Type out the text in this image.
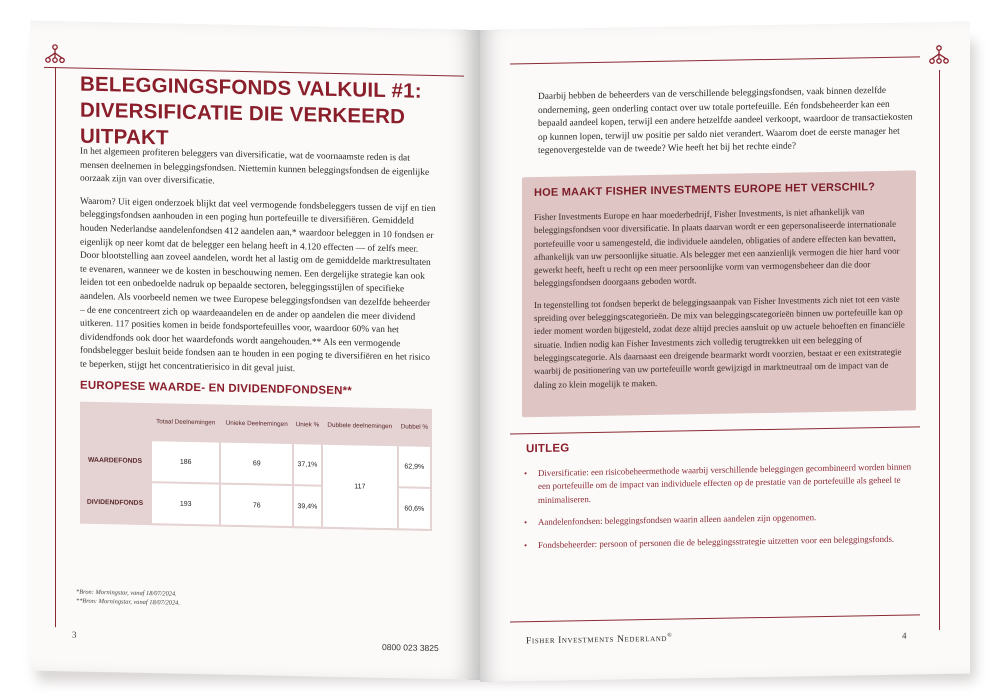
BELEGGINGSFONDS VALKUIL #1:
DIVERSIFICATIE DIE VERKEERD UITPAKT

In het algemeen profiteren beleggers van diversificatie, wat de voornaamste reden is dat mensen deelnemen in beleggingsfondsen. Niettemin kunnen beleggingsfondsen de eigenlijke oorzaak zijn van over diversificatie.

Waarom? Uit eigen onderzoek blijkt dat veel vermogende fondsbeleggers tussen de vijf en tien beleggingsfondsen aanhouden in een poging hun portefeuille te diversifiëren. Gemiddeld houden Nederlandse aandelenfondsen 412 aandelen aan,* waardoor beleggen in 10 fondsen er eigenlijk op neer komt dat de belegger een belang heeft in 4.120 effecten — of zelfs meer. Door blootstelling aan zoveel aandelen, wordt het al lastig om de gemiddelde marktresultaten te evenaren, wanneer we de kosten in beschouwing nemen. Een dergelijke strategie kan ook leiden tot een onbedoelde nadruk op bepaalde sectoren, beleggingsstijlen of specifieke aandelen. Als voorbeeld nemen we twee Europese beleggingsfondsen van dezelfde beheerder – de ene concentreert zich op waardeaandelen en de ander op aandelen die meer dividend uitkeren. 117 posities komen in beide fondsportefeuilles voor, waardoor 60% van het dividendfonds ook door het waardefonds wordt aangehouden.** Als een vermogende fondsbelegger besluit beide fondsen aan te houden in een poging te diversifiëren en het risico te beperken, stijgt het concentratierisico in dit geval juist.

EUROPESE WAARDE- EN DIVIDENDFONDSEN**
	Totaal Deelnemingen	Unieke Deelnemingen	Uniek %	Dubbele deelnemingen	Dubbel %
WAARDEFONDS	186	69	37,1%	117	62,9%
DIVIDENDFONDS	193	76	39,4%		60,6%
*Bron: Morningstar, vanaf 18/07/2024.
**Bron: Morningstar, vanaf 18/07/2024.
3
0800 023 3825

Daarbij hebben de beheerders van de verschillende beleggingsfondsen, vaak binnen dezelfde onderneming, geen onderling contact over uw totale portefeuille. Eén fondsbeheerder kan een bepaald aandeel kopen, terwijl een andere hetzelfde aandeel verkoopt, waardoor de transactiekosten op kunnen lopen, terwijl uw positie per saldo niet verandert. Waarom doet de eerste manager het tegenovergestelde van de tweede? Wie heeft het bij het rechte einde?

HOE MAAKT FISHER INVESTMENTS EUROPE HET VERSCHIL?

Fisher Investments Europe en haar moederbedrijf, Fisher Investments, is niet afhankelijk van beleggingsfondsen voor diversificatie. In plaats daarvan wordt er een gepersonaliseerde internationale portefeuille voor u samengesteld, die individuele aandelen, obligaties of andere effecten kan bevatten, afhankelijk van uw persoonlijke situatie. Als belegger met een aanzienlijk vermogen die hier hard voor gewerkt heeft, heeft u recht op een meer persoonlijke vorm van vermogensbeheer dan die door beleggingsfondsen doorgaans geboden wordt.

In tegenstelling tot fondsen beperkt de beleggingsaanpak van Fisher Investments zich niet tot een vaste spreiding over beleggingscategorieën. De mix van beleggingscategorieën binnen uw portefeuille kan op ieder moment worden bijgesteld, zodat deze altijd precies aansluit op uw actuele behoeften en financiële situatie. Indien nodig kan Fisher Investments zich volledig terugtrekken uit een belegging of beleggingscategorie. Als daarnaast een dreigende bearmarkt wordt voorzien, bestaat er een exitstrategie waarbij de positionering van uw portefeuille wordt gewijzigd in marktneutraal om de impact van de daling zo klein mogelijk te maken.

UITLEG
• Diversificatie: een risicobeheermethode waarbij verschillende beleggingen gecombineerd worden binnen een portefeuille om de impact van individuele effecten op de prestatie van de portefeuille als geheel te minimaliseren.
• Aandelenfondsen: beleggingsfondsen waarin alleen aandelen zijn opgenomen.
• Fondsbeheerder: persoon of personen die de beleggingsstrategie uitzetten voor een beleggingsfonds.
Fisher Investments Nederland®	4
